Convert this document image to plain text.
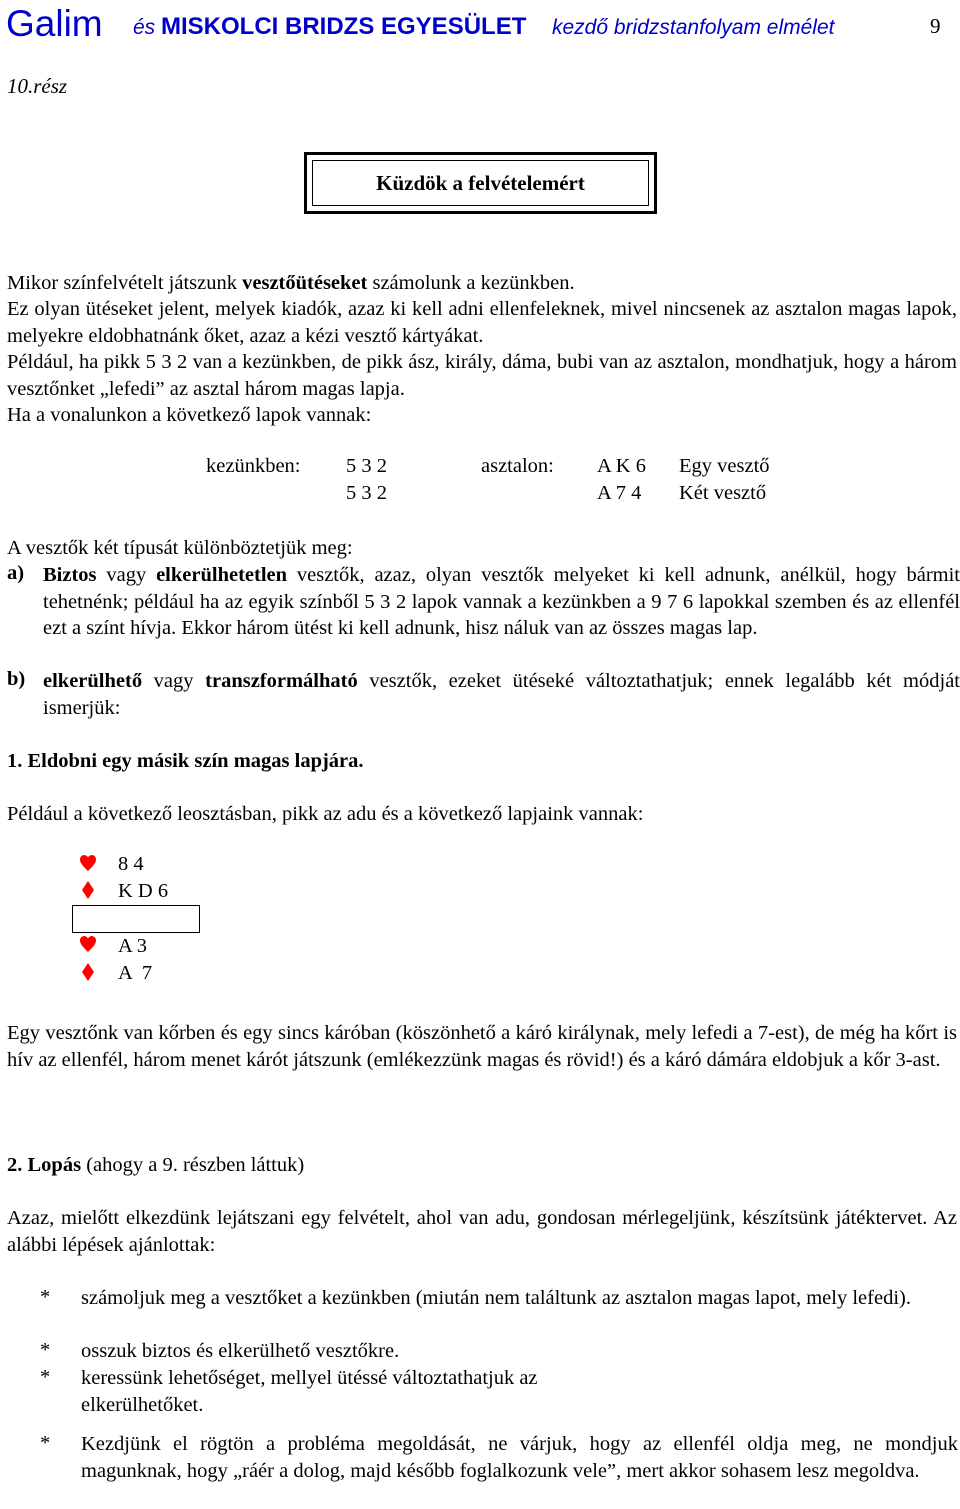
Galim és MISKOLCI BRIDZS EGYESÜLET kezdő bridzstanfolyam elmélet	9
10.rész
Küzdök a felvételemért
Mikor színfelvételt játszunk vesztőütéseket számolunk a kezünkben.
Ez olyan ütéseket jelent, melyek kiadók, azaz ki kell adni ellenfeleknek, mivel nincsenek az asztalon magas lapok, melyekre eldobhatnánk őket, azaz a kézi vesztő kártyákat.
Például, ha pikk 5 3 2 van a kezünkben, de pikk ász, király, dáma, bubi van az asztalon, mondhatjuk, hogy a három vesztőnket „lefedi” az asztal három magas lapja.
Ha a vonalunkon a következő lapok vannak:
kezünkben: 5 3 2	asztalon: A K 6 Egy vesztő
5 3 2	A 7 4 Két vesztő
A vesztők két típusát különböztetjük meg:
a) Biztos vagy elkerülhetetlen vesztők, azaz, olyan vesztők melyeket ki kell adnunk, anélkül, hogy bármit tehetnénk; például ha az egyik színből 5 3 2 lapok vannak a kezünkben a 9 7 6 lapokkal szemben és az ellenfél ezt a színt hívja. Ekkor három ütést ki kell adnunk, hisz náluk van az összes magas lap.
b) elkerülhető vagy transzformálható vesztők, ezeket ütéseké változtathatjuk; ennek legalább két módját ismerjük:
1. Eldobni egy másik szín magas lapjára.
Például a következő leosztásban, pikk az adu és a következő lapjaink vannak:
8 4
K D 6
A 3
A  7
Egy vesztőnk van kőrben és egy sincs káróban (köszönhető a káró királynak, mely lefedi a 7-est), de még ha kőrt is hív az ellenfél, három menet kárót játszunk (emlékezzünk magas és rövid!) és a káró dámára eldobjuk a kőr 3-ast.
2. Lopás (ahogy a 9. részben láttuk)
Azaz, mielőtt elkezdünk lejátszani egy felvételt, ahol van adu, gondosan mérlegeljünk, készítsünk játéktervet. Az alábbi lépések ajánlottak:
* számoljuk meg a vesztőket a kezünkben (miután nem találtunk az asztalon magas lapot, mely lefedi).
* osszuk biztos és elkerülhető vesztőkre.
* keressünk lehetőséget, mellyel ütéssé változtathatjuk az elkerülhetőket.
* Kezdjünk el rögtön a probléma megoldását, ne várjuk, hogy az ellenfél oldja meg, ne mondjuk magunknak, hogy „ráér a dolog, majd később foglalkozunk vele”, mert akkor sohasem lesz megoldva.
